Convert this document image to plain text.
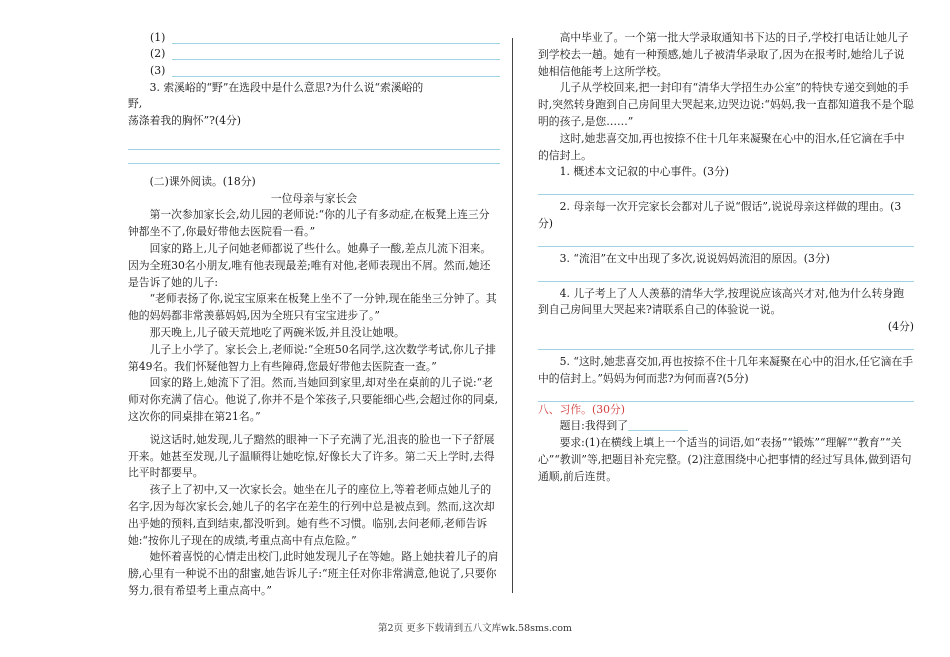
(1)
(2)
(3)

3. 索溪峪的“野”在选段中是什么意思?为什么说“索溪峪的

野,

荡涤着我的胸怀”?(4分)

(二)课外阅读。(18分)

一位母亲与家长会

第一次参加家长会,幼儿园的老师说:“你的儿子有多动症,在板凳上连三分钟都坐不了,你最好带他去医院看一看。”

回家的路上,儿子问她老师都说了些什么。她鼻子一酸,差点儿流下泪来。因为全班30名小朋友,唯有他表现最差;唯有对他,老师表现出不屑。然而,她还是告诉了她的儿子:

“老师表扬了你,说宝宝原来在板凳上坐不了一分钟,现在能坐三分钟了。其他的妈妈都非常羡慕妈妈,因为全班只有宝宝进步了。”

那天晚上,儿子破天荒地吃了两碗米饭,并且没让她喂。

儿子上小学了。家长会上,老师说:“全班50名同学,这次数学考试,你儿子排第49名。我们怀疑他智力上有些障碍,您最好带他去医院查一查。”

回家的路上,她流下了泪。然而,当她回到家里,却对坐在桌前的儿子说:“老师对你充满了信心。他说了,你并不是个笨孩子,只要能细心些,会超过你的同桌,这次你的同桌排在第21名。”

说这话时,她发现,儿子黯然的眼神一下子充满了光,沮丧的脸也一下子舒展开来。她甚至发现,儿子温顺得让她吃惊,好像长大了许多。第二天上学时,去得比平时都要早。

孩子上了初中,又一次家长会。她坐在儿子的座位上,等着老师点她儿子的名字,因为每次家长会,她儿子的名字在差生的行列中总是被点到。然而,这次却出乎她的预料,直到结束,都没听到。她有些不习惯。临别,去问老师,老师告诉她:“按你儿子现在的成绩,考重点高中有点危险。”

她怀着喜悦的心情走出校门,此时她发现儿子在等她。路上她扶着儿子的肩膀,心里有一种说不出的甜蜜,她告诉儿子:“班主任对你非常满意,他说了,只要你努力,很有希望考上重点高中。”

高中毕业了。一个第一批大学录取通知书下达的日子,学校打电话让她儿子到学校去一趟。她有一种预感,她儿子被清华录取了,因为在报考时,她给儿子说她相信他能考上这所学校。

儿子从学校回来,把一封印有“清华大学招生办公室”的特快专递交到她的手时,突然转身跑到自己房间里大哭起来,边哭边说:“妈妈,我一直都知道我不是个聪明的孩子,是您……”

这时,她悲喜交加,再也按捺不住十几年来凝聚在心中的泪水,任它滴在手中的信封上。

1. 概述本文记叙的中心事件。(3分)

2. 母亲每一次开完家长会都对儿子说“假话”,说说母亲这样做的理由。(3分)

3. “流泪”在文中出现了多次,说说妈妈流泪的原因。(3分)

4. 儿子考上了人人羡慕的清华大学,按理说应该高兴才对,他为什么转身跑到自己房间里大哭起来?请联系自己的体验说一说。

(4分)

5. “这时,她悲喜交加,再也按捺不住十几年来凝聚在心中的泪水,任它滴在手中的信封上。”妈妈为何而悲?为何而喜?(5分)

八、习作。(30分)

题目:我得到了

要求:(1)在横线上填上一个适当的词语,如“表扬”“锻炼”“理解”“教育”“关心”“教训”等,把题目补充完整。(2)注意围绕中心把事情的经过写具体,做到语句通顺,前后连贯。

第2页 更多下载请到五八文库wk.58sms.com
